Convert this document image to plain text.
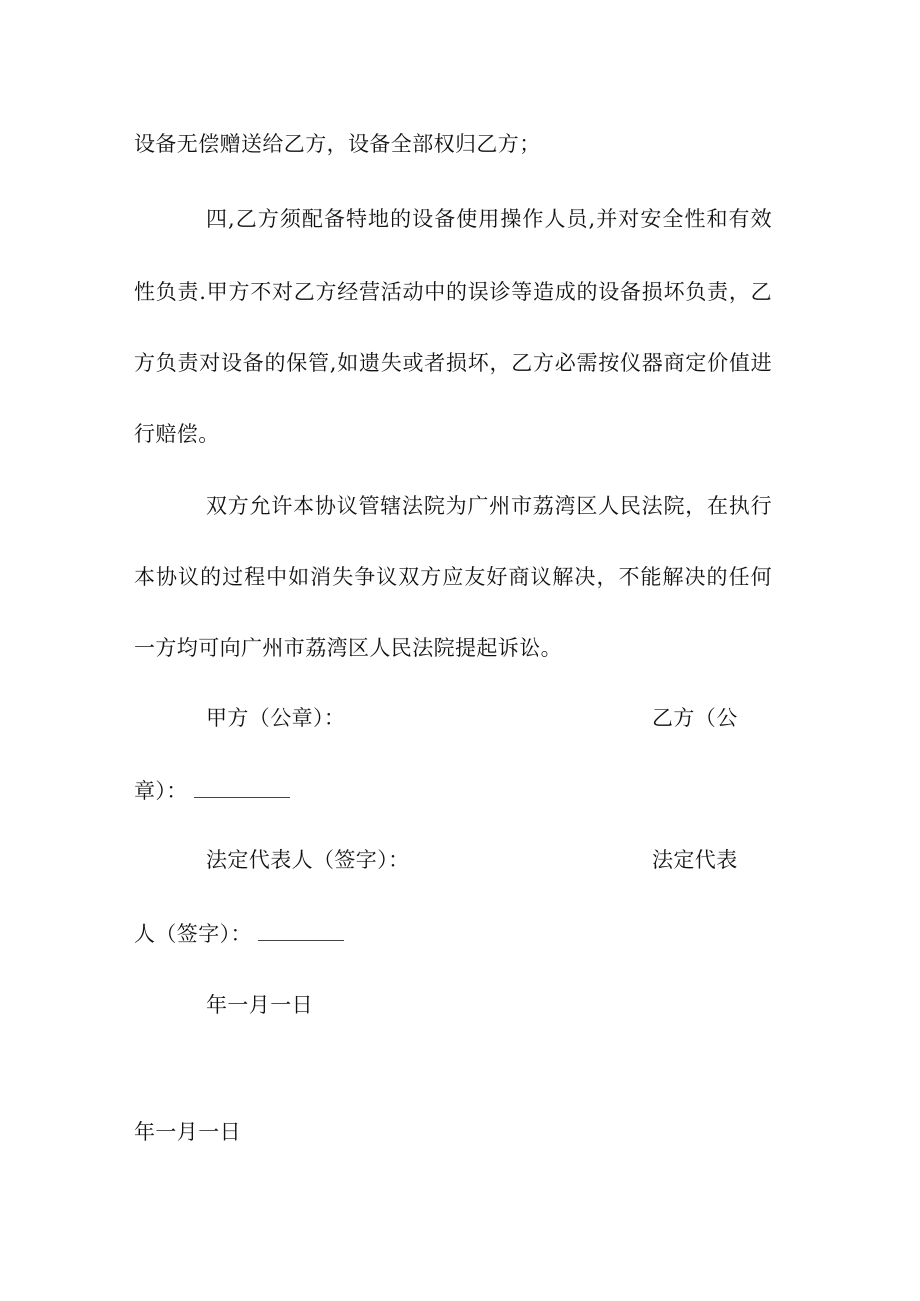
设备无偿赠送给乙方，设备全部权归乙方；
四,乙方须配备特地的设备使用操作人员,并对安全性和有效
性负责.甲方不对乙方经营活动中的误诊等造成的设备损坏负责，乙
方负责对设备的保管,如遗失或者损坏，乙方必需按仪器商定价值进
行赔偿。
双方允许本协议管辖法院为广州市荔湾区人民法院，在执行
本协议的过程中如消失争议双方应友好商议解决，不能解决的任何
一方均可向广州市荔湾区人民法院提起诉讼。
甲方（公章）：	乙方（公
章）：
法定代表人（签字）：	法定代表
人（签字）：
年一月一日
年一月一日
